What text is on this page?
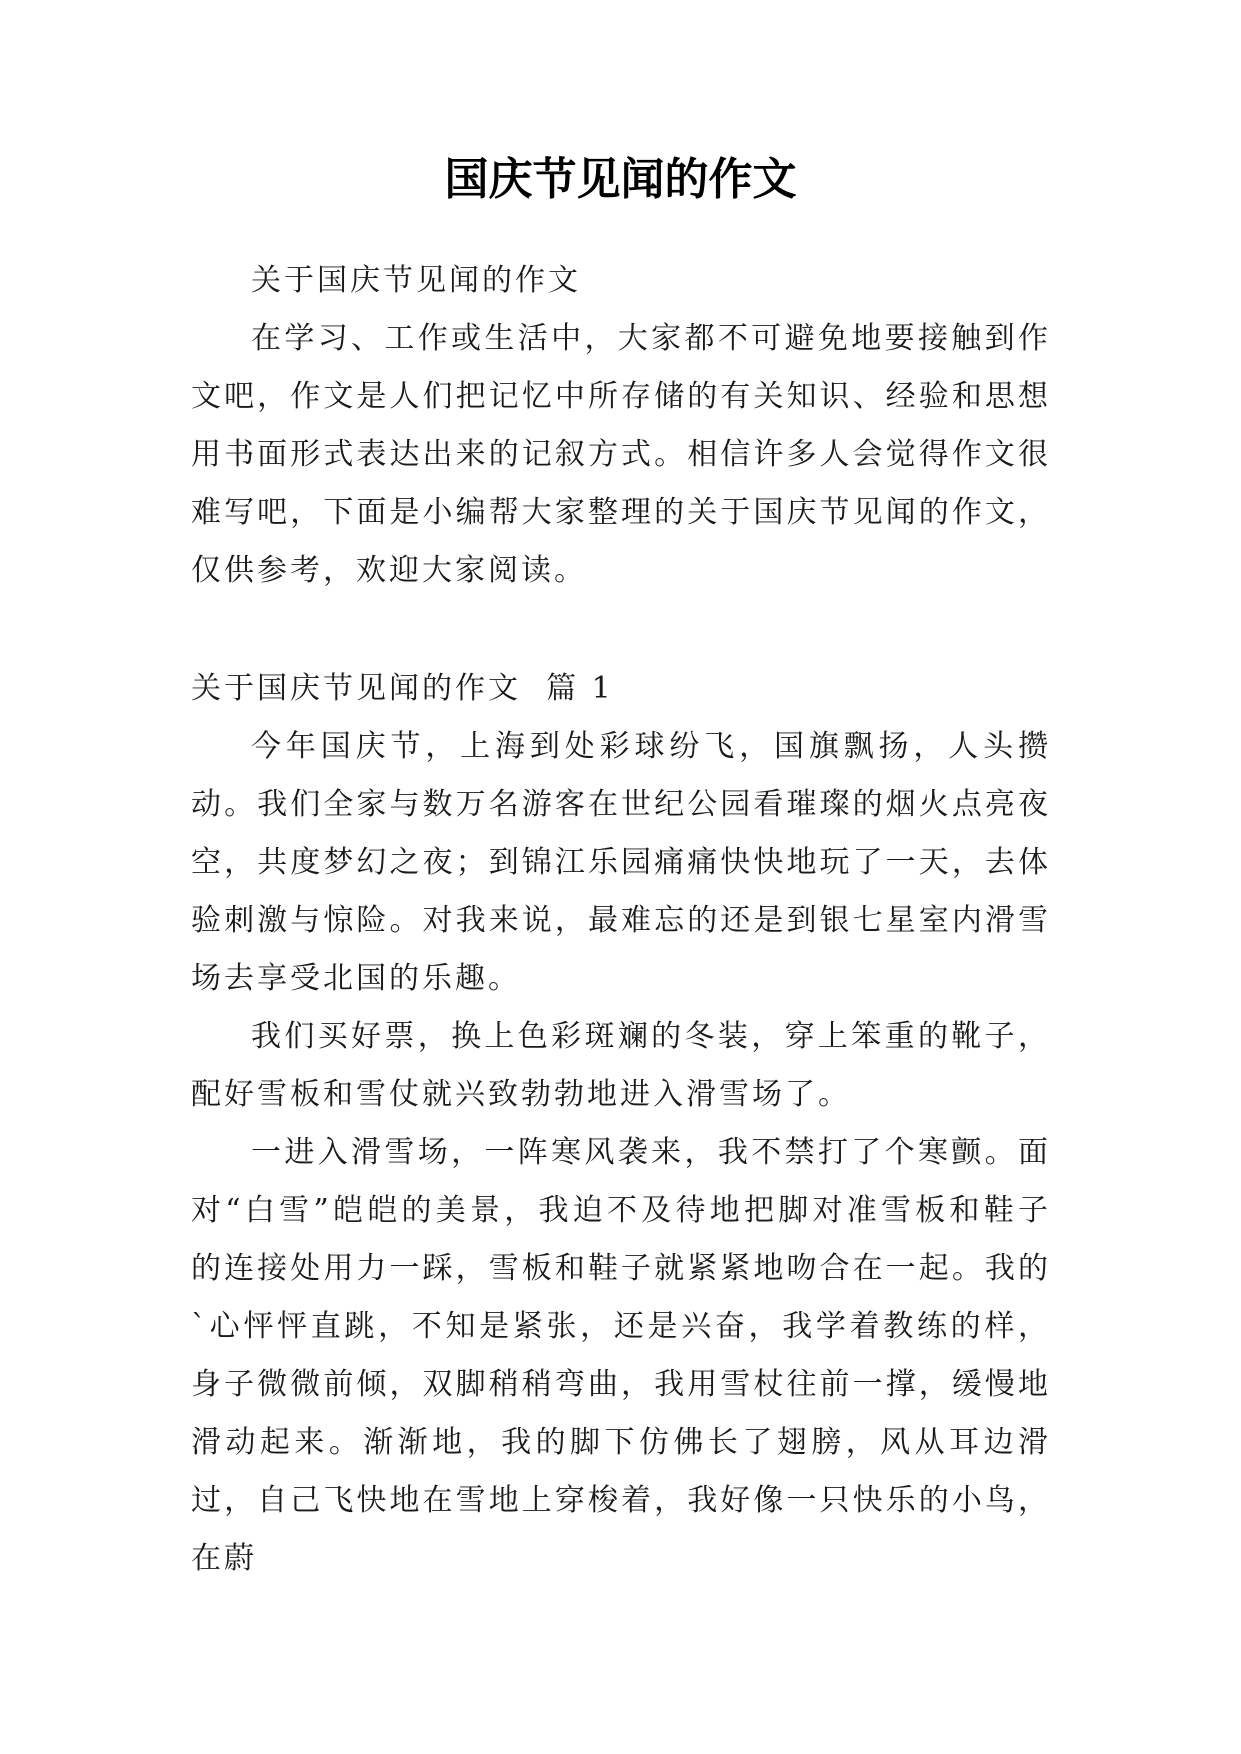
国庆节见闻的作文

关于国庆节见闻的作文

在学习、工作或生活中，大家都不可避免地要接触到作文吧，作文是人们把记忆中所存储的有关知识、经验和思想用书面形式表达出来的记叙方式。相信许多人会觉得作文很难写吧，下面是小编帮大家整理的关于国庆节见闻的作文，仅供参考，欢迎大家阅读。

关于国庆节见闻的作文  篇 1

今年国庆节，上海到处彩球纷飞，国旗飘扬，人头攒动。我们全家与数万名游客在世纪公园看璀璨的烟火点亮夜空，共度梦幻之夜；到锦江乐园痛痛快快地玩了一天，去体验刺激与惊险。对我来说，最难忘的还是到银七星室内滑雪场去享受北国的乐趣。

我们买好票，换上色彩斑斓的冬装，穿上笨重的靴子，配好雪板和雪仗就兴致勃勃地进入滑雪场了。

一进入滑雪场，一阵寒风袭来，我不禁打了个寒颤。面对“白雪”皑皑的美景，我迫不及待地把脚对准雪板和鞋子的连接处用力一踩，雪板和鞋子就紧紧地吻合在一起。我的`心怦怦直跳，不知是紧张，还是兴奋，我学着教练的样，身子微微前倾，双脚稍稍弯曲，我用雪杖往前一撑，缓慢地滑动起来。渐渐地，我的脚下仿佛长了翅膀，风从耳边滑过，自己飞快地在雪地上穿梭着，我好像一只快乐的小鸟，在蔚
